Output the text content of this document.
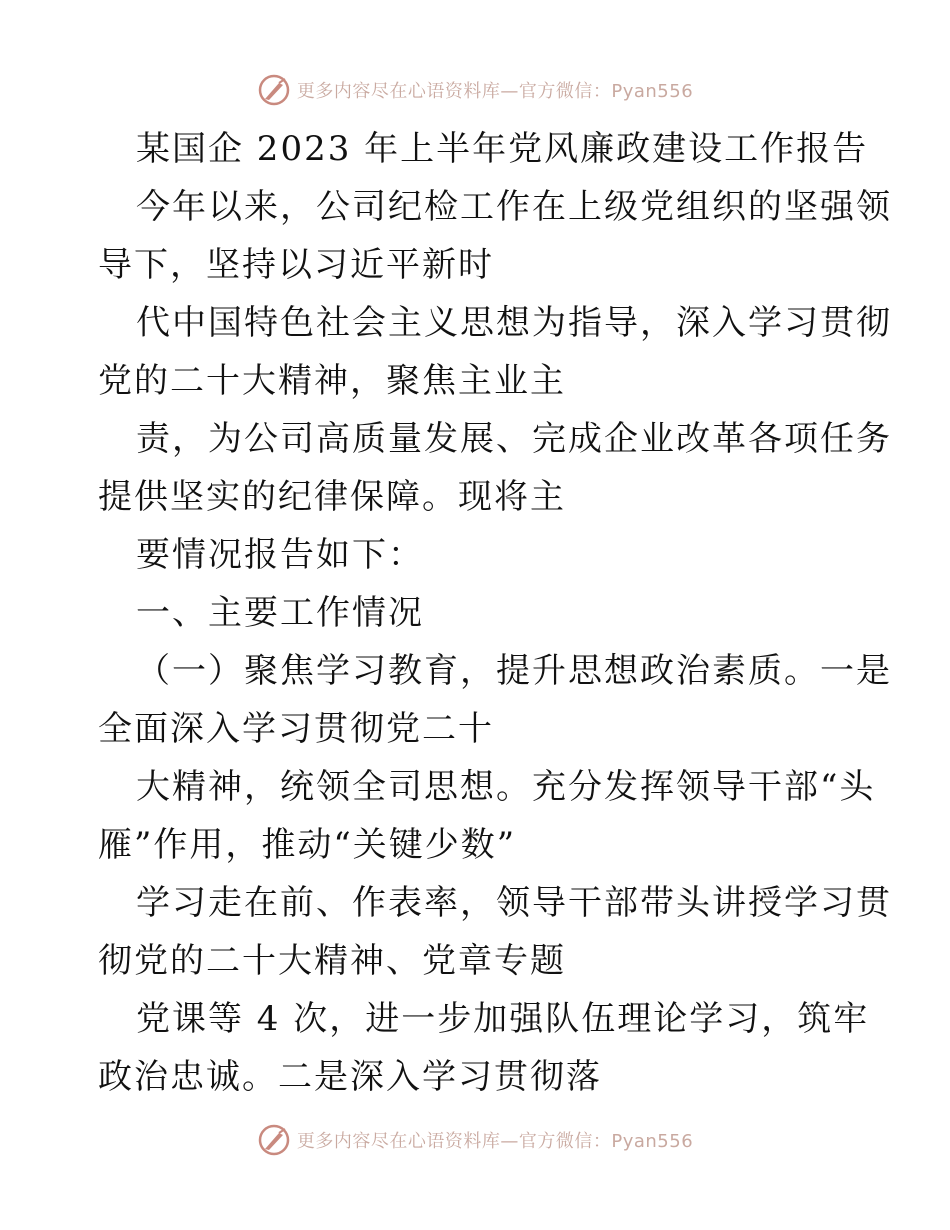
更多内容尽在心语资料库—官方微信：Pyan556
某国企 2023 年上半年党风廉政建设工作报告
今年以来，公司纪检工作在上级党组织的坚强领
导下，坚持以习近平新时
代中国特色社会主义思想为指导，深入学习贯彻
党的二十大精神，聚焦主业主
责，为公司高质量发展、完成企业改革各项任务
提供坚实的纪律保障。现将主
要情况报告如下：
一、主要工作情况
（一）聚焦学习教育，提升思想政治素质。一是
全面深入学习贯彻党二十
大精神，统领全司思想。充分发挥领导干部“头
雁”作用，推动“关键少数”
学习走在前、作表率，领导干部带头讲授学习贯
彻党的二十大精神、党章专题
党课等 4 次，进一步加强队伍理论学习，筑牢
政治忠诚。二是深入学习贯彻落
更多内容尽在心语资料库—官方微信：Pyan556
